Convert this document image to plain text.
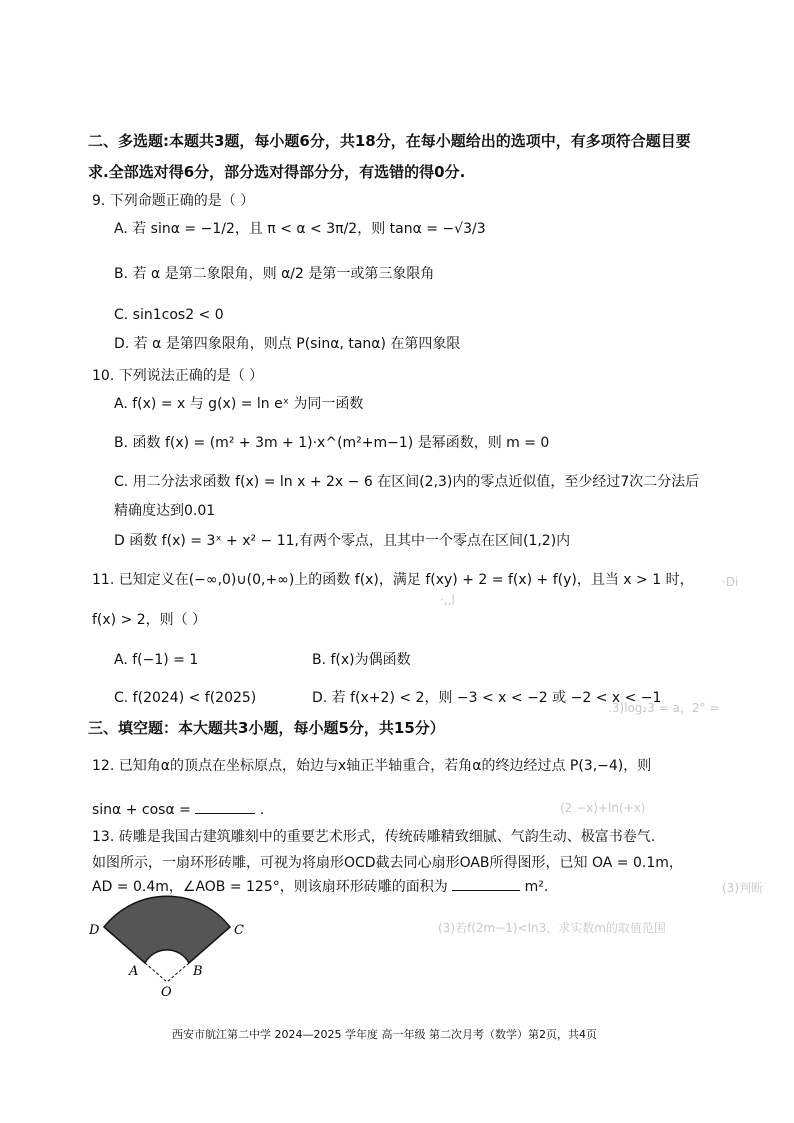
二、多选题:本题共3题，每小题6分，共18分，在每小题给出的选项中，有多项符合题目要
求.全部选对得6分，部分选对得部分分，有选错的得0分.
9. 下列命题正确的是（ ）
A. 若 sinα = −1/2，且 π < α < 3π/2，则 tanα = −√3/3
B. 若 α 是第二象限角，则 α/2 是第一或第三象限角
C. sin1cos2 < 0
D. 若 α 是第四象限角，则点 P(sinα, tanα) 在第四象限
10. 下列说法正确的是（ ）
A. f(x) = x 与 g(x) = ln eˣ 为同一函数
B. 函数 f(x) = (m² + 3m + 1)·x^(m²+m−1) 是幂函数，则 m = 0
C. 用二分法求函数 f(x) = ln x + 2x − 6 在区间(2,3)内的零点近似值，至少经过7次二分法后
精确度达到0.01
D 函数 f(x) = 3ˣ + x² − 11,有两个零点，且其中一个零点在区间(1,2)内
11. 已知定义在(−∞,0)∪(0,+∞)上的函数 f(x)，满足 f(xy) + 2 = f(x) + f(y)，且当 x > 1 时，
f(x) > 2，则（ ）
A. f(−1) = 1	B. f(x)为偶函数
C. f(2024) < f(2025)	D. 若 f(x+2) < 2，则 −3 < x < −2 或 −2 < x < −1
三、填空题：本大题共3小题，每小题5分，共15分）
12. 已知角α的顶点在坐标原点，始边与x轴正半轴重合，若角α的终边经过点 P(3,−4)，则
sinα + cosα =	.
13. 砖雕是我国古建筑雕刻中的重要艺术形式，传统砖雕精致细腻、气韵生动、极富书卷气.
如图所示，一扇环形砖雕，可视为将扇形OCD截去同心扇形OAB所得图形，已知 OA = 0.1m，
AD = 0.4m，∠AOB = 125°，则该扇环形砖雕的面积为	m².
D	C
A	B
O
·Di
·,,l
.3)log₂3 = a，2° =
(2 −x)+ln(+x)
(3)判断
(3)若f(2m−1)<ln3，求实数m的取值范围
西安市航江第二中学 2024—2025 学年度 高一年级 第二次月考（数学）第2页，共4页
